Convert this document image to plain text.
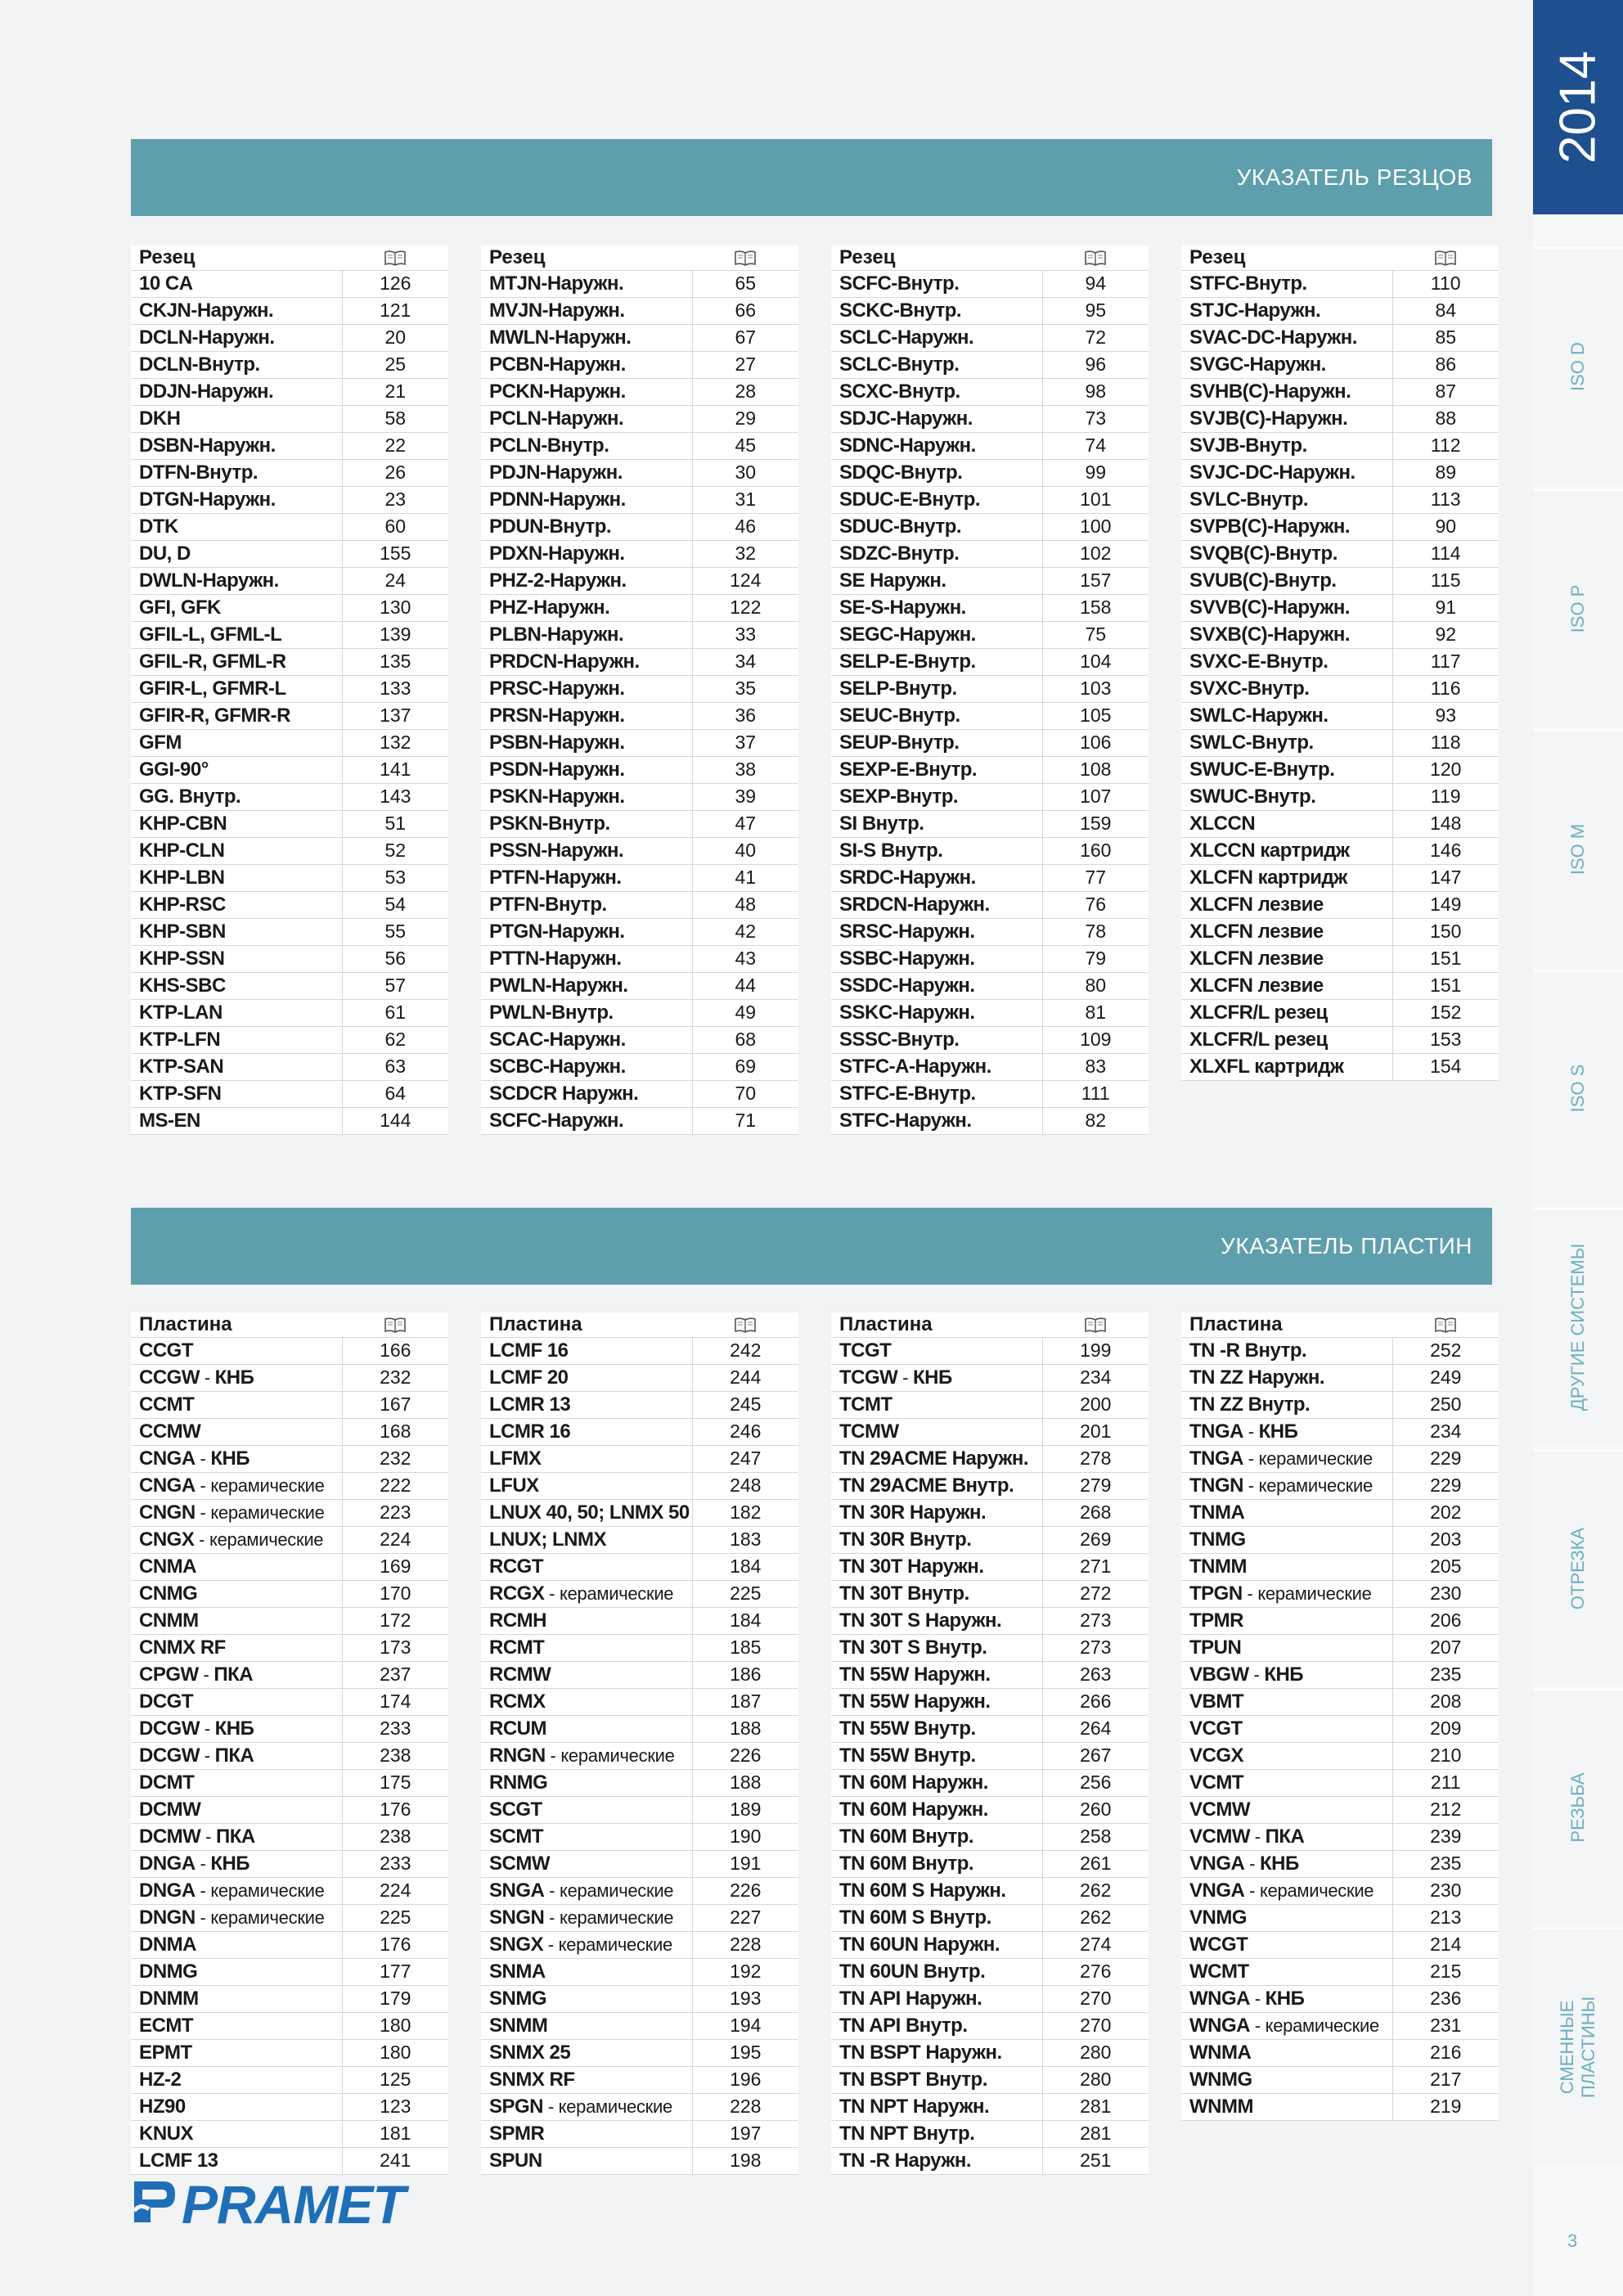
УКАЗАТЕЛЬ РЕЗЦОВ
Резец	
10 CA	126
CKJN-Наружн.	121
DCLN-Наружн.	20
DCLN-Внутр.	25
DDJN-Наружн.	21
DKH	58
DSBN-Наружн.	22
DTFN-Внутр.	26
DTGN-Наружн.	23
DTK	60
DU, D	155
DWLN-Наружн.	24
GFI, GFK	130
GFIL-L, GFML-L	139
GFIL-R, GFML-R	135
GFIR-L, GFMR-L	133
GFIR-R, GFMR-R	137
GFM	132
GGI-90°	141
GG. Внутр.	143
KHP-CBN	51
KHP-CLN	52
KHP-LBN	53
KHP-RSC	54
KHP-SBN	55
KHP-SSN	56
KHS-SBC	57
KTP-LAN	61
KTP-LFN	62
KTP-SAN	63
KTP-SFN	64
MS-EN	144
Резец	
MTJN-Наружн.	65
MVJN-Наружн.	66
MWLN-Наружн.	67
PCBN-Наружн.	27
PCKN-Наружн.	28
PCLN-Наружн.	29
PCLN-Внутр.	45
PDJN-Наружн.	30
PDNN-Наружн.	31
PDUN-Внутр.	46
PDXN-Наружн.	32
PHZ-2-Наружн.	124
PHZ-Наружн.	122
PLBN-Наружн.	33
PRDCN-Наружн.	34
PRSC-Наружн.	35
PRSN-Наружн.	36
PSBN-Наружн.	37
PSDN-Наружн.	38
PSKN-Наружн.	39
PSKN-Внутр.	47
PSSN-Наружн.	40
PTFN-Наружн.	41
PTFN-Внутр.	48
PTGN-Наружн.	42
PTTN-Наружн.	43
PWLN-Наружн.	44
PWLN-Внутр.	49
SCAC-Наружн.	68
SCBC-Наружн.	69
SCDCR Наружн.	70
SCFC-Наружн.	71
Резец	
SCFC-Внутр.	94
SCKC-Внутр.	95
SCLC-Наружн.	72
SCLC-Внутр.	96
SCXC-Внутр.	98
SDJC-Наружн.	73
SDNC-Наружн.	74
SDQC-Внутр.	99
SDUC-E-Внутр.	101
SDUC-Внутр.	100
SDZC-Внутр.	102
SE Наружн.	157
SE-S-Наружн.	158
SEGC-Наружн.	75
SELP-E-Внутр.	104
SELP-Внутр.	103
SEUC-Внутр.	105
SEUP-Внутр.	106
SEXP-E-Внутр.	108
SEXP-Внутр.	107
SI Внутр.	159
SI-S Внутр.	160
SRDC-Наружн.	77
SRDCN-Наружн.	76
SRSC-Наружн.	78
SSBC-Наружн.	79
SSDC-Наружн.	80
SSKC-Наружн.	81
SSSC-Внутр.	109
STFC-A-Наружн.	83
STFC-E-Внутр.	111
STFC-Наружн.	82
Резец	
STFC-Внутр.	110
STJC-Наружн.	84
SVAC-DC-Наружн.	85
SVGC-Наружн.	86
SVHB(C)-Наружн.	87
SVJB(C)-Наружн.	88
SVJB-Внутр.	112
SVJC-DC-Наружн.	89
SVLC-Внутр.	113
SVPB(C)-Наружн.	90
SVQB(C)-Внутр.	114
SVUB(C)-Внутр.	115
SVVB(C)-Наружн.	91
SVXB(C)-Наружн.	92
SVXC-E-Внутр.	117
SVXC-Внутр.	116
SWLC-Наружн.	93
SWLC-Внутр.	118
SWUC-E-Внутр.	120
SWUC-Внутр.	119
XLCCN	148
XLCCN картридж	146
XLCFN картридж	147
XLCFN лезвие	149
XLCFN лезвие	150
XLCFN лезвие	151
XLCFN лезвие	151
XLCFR/L резец	152
XLCFR/L резец	153
XLXFL картридж	154
УКАЗАТЕЛЬ ПЛАСТИН
Пластина	
CCGT	166
CCGW - КНБ	232
CCMT	167
CCMW	168
CNGA - КНБ	232
CNGA - керамические	222
CNGN - керамические	223
CNGX - керамические	224
CNMA	169
CNMG	170
CNMM	172
CNMX RF	173
CPGW - ПКА	237
DCGT	174
DCGW - КНБ	233
DCGW - ПКА	238
DCMT	175
DCMW	176
DCMW - ПКА	238
DNGA - КНБ	233
DNGA - керамические	224
DNGN - керамические	225
DNMA	176
DNMG	177
DNMM	179
ECMT	180
EPMT	180
HZ-2	125
HZ90	123
KNUX	181
LCMF 13	241
Пластина	
LCMF 16	242
LCMF 20	244
LCMR 13	245
LCMR 16	246
LFMX	247
LFUX	248
LNUX 40, 50; LNMX 50	182
LNUX; LNMX	183
RCGT	184
RCGX - керамические	225
RCMH	184
RCMT	185
RCMW	186
RCMX	187
RCUM	188
RNGN - керамические	226
RNMG	188
SCGT	189
SCMT	190
SCMW	191
SNGA - керамические	226
SNGN - керамические	227
SNGX - керамические	228
SNMA	192
SNMG	193
SNMM	194
SNMX 25	195
SNMX RF	196
SPGN - керамические	228
SPMR	197
SPUN	198
Пластина	
TCGT	199
TCGW - КНБ	234
TCMT	200
TCMW	201
TN 29ACME Наружн.	278
TN 29ACME Внутр.	279
TN 30R Наружн.	268
TN 30R Внутр.	269
TN 30T Наружн.	271
TN 30T Внутр.	272
TN 30T S Наружн.	273
TN 30T S Внутр.	273
TN 55W Наружн.	263
TN 55W Наружн.	266
TN 55W Внутр.	264
TN 55W Внутр.	267
TN 60M Наружн.	256
TN 60M Наружн.	260
TN 60M Внутр.	258
TN 60M Внутр.	261
TN 60M S Наружн.	262
TN 60M S Внутр.	262
TN 60UN Наружн.	274
TN 60UN Внутр.	276
TN API Наружн.	270
TN API Внутр.	270
TN BSPT Наружн.	280
TN BSPT Внутр.	280
TN NPT Наружн.	281
TN NPT Внутр.	281
TN -R Наружн.	251
Пластина	
TN -R Внутр.	252
TN ZZ Наружн.	249
TN ZZ Внутр.	250
TNGA - КНБ	234
TNGA - керамические	229
TNGN - керамические	229
TNMA	202
TNMG	203
TNMM	205
TPGN - керамические	230
TPMR	206
TPUN	207
VBGW - КНБ	235
VBMT	208
VCGT	209
VCGX	210
VCMT	211
VCMW	212
VCMW - ПКА	239
VNGA - КНБ	235
VNGA - керамические	230
VNMG	213
WCGT	214
WCMT	215
WNGA - КНБ	236
WNGA - керамические	231
WNMA	216
WNMG	217
WNMM	219
PRAMET
2014
ISO D
ISO P
ISO M
ISO S
ДРУГИЕ СИСТЕМЫ
ОТРЕЗКА
РЕЗЬБА
СМЕННЫЕ ПЛАСТИНЫ
3
